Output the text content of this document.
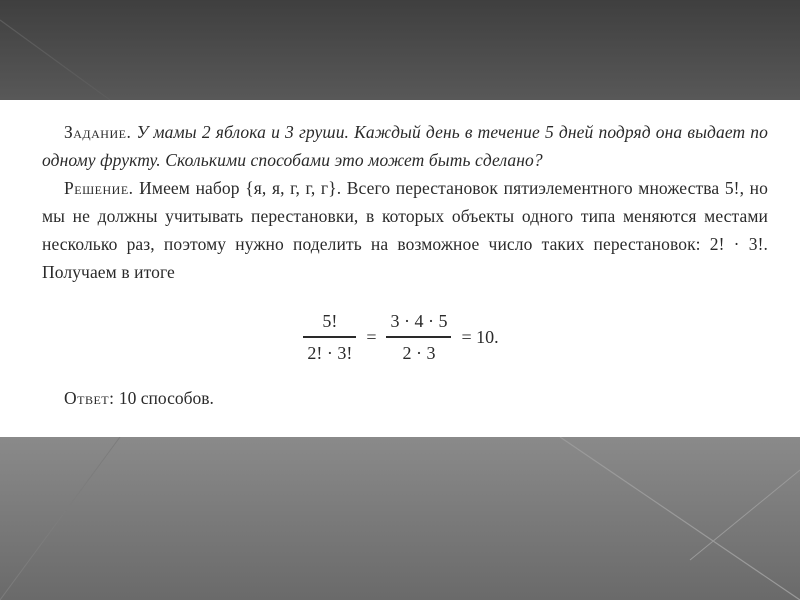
Задание. У мамы 2 яблока и 3 груши. Каждый день в течение 5 дней подряд она выдает по одному фрукту. Сколькими способами это может быть сделано?

Решение. Имеем набор {я, я, г, г, г}. Всего перестановок пятиэлементного множества 5!, но мы не должны учитывать перестановки, в которых объекты одного типа меняются местами несколько раз, поэтому нужно поделить на возможное число таких перестановок: 2! · 3!. Получаем в итоге

$\frac{5!}{2! \cdot 3!} = \frac{3 \cdot 4 \cdot 5}{2 \cdot 3} = 10$.
Ответ: 10 способов.
